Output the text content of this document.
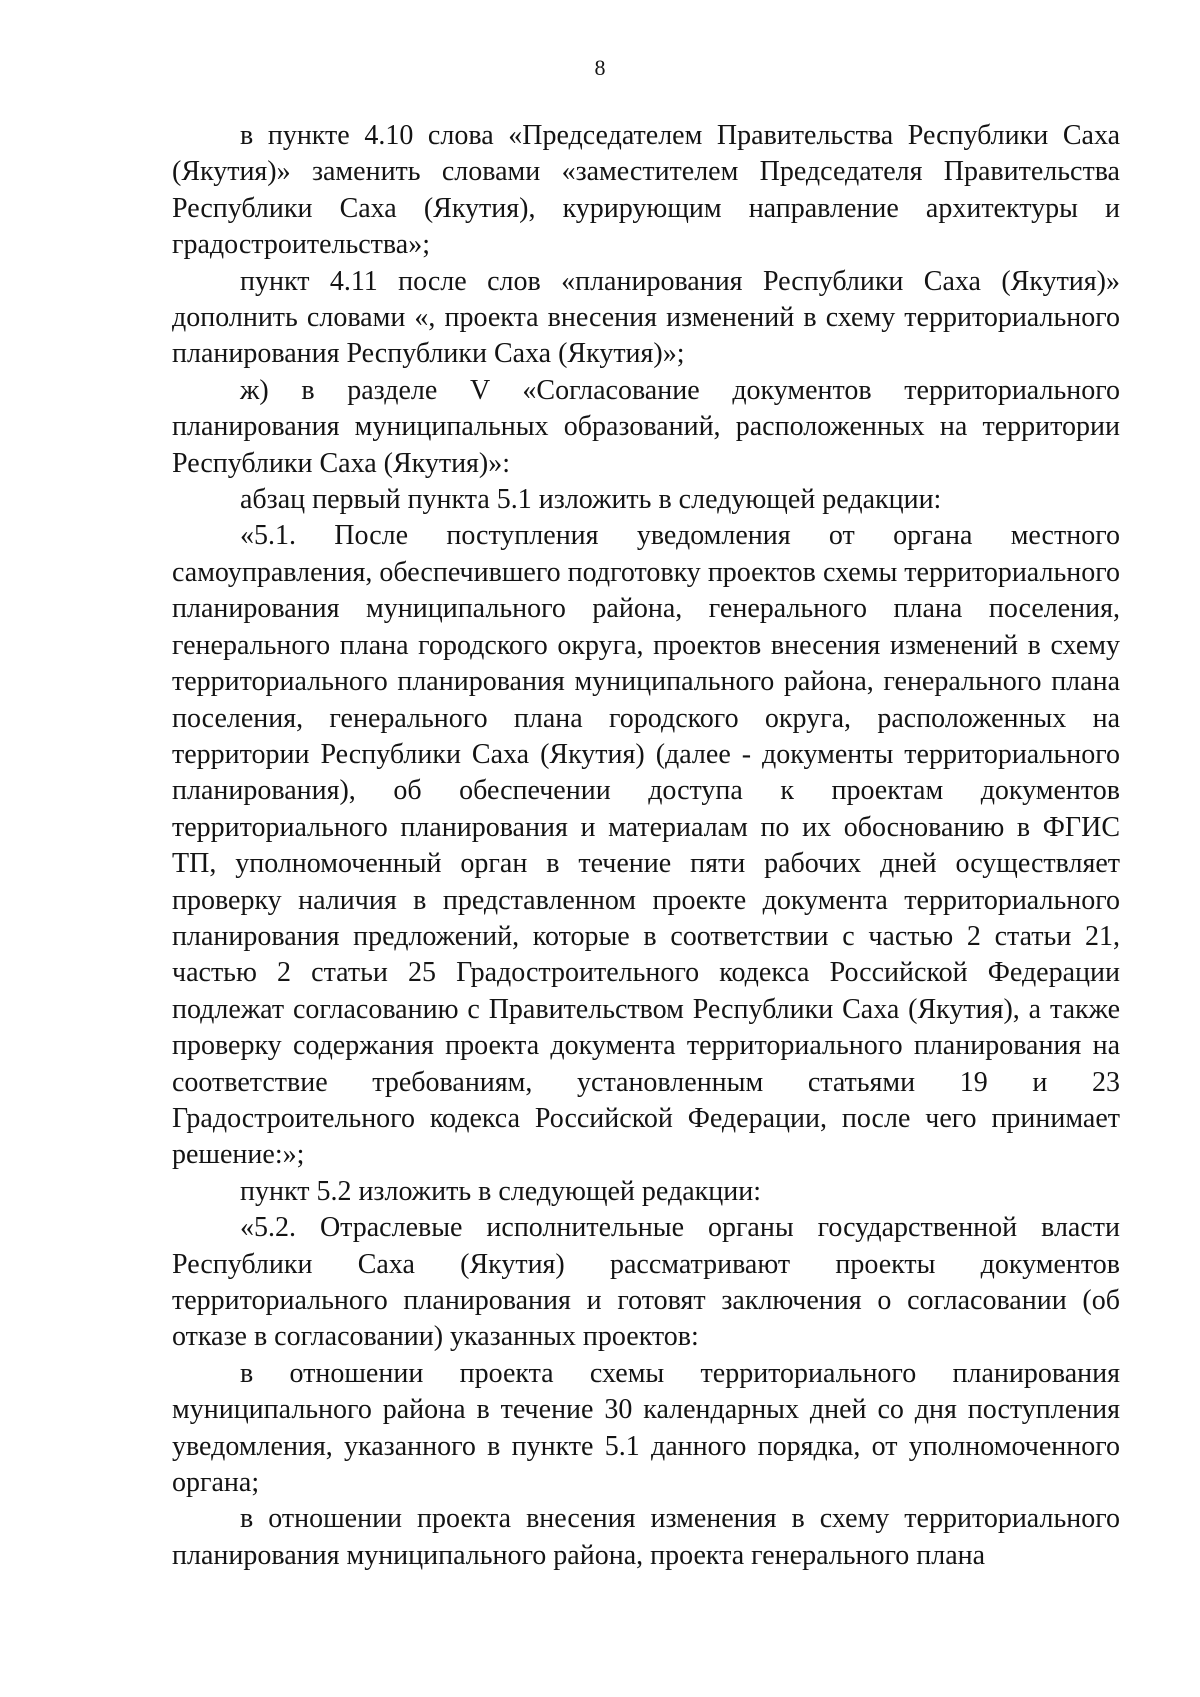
8

в пункте 4.10 слова «Председателем Правительства Республики Саха (Якутия)» заменить словами «заместителем Председателя Правительства Республики Саха (Якутия), курирующим направление архитектуры и градостроительства»;

пункт 4.11 после слов «планирования Республики Саха (Якутия)» дополнить словами «, проекта внесения изменений в схему территориального планирования Республики Саха (Якутия)»;

ж) в разделе V «Согласование документов территориального планирования муниципальных образований, расположенных на территории Республики Саха (Якутия)»:

абзац первый пункта 5.1 изложить в следующей редакции:

«5.1. После поступления уведомления от органа местного самоуправления, обеспечившего подготовку проектов схемы территориального планирования муниципального района, генерального плана поселения, генерального плана городского округа, проектов внесения изменений в схему территориального планирования муниципального района, генерального плана поселения, генерального плана городского округа, расположенных на территории Республики Саха (Якутия) (далее - документы территориального планирования), об обеспечении доступа к проектам документов территориального планирования и материалам по их обоснованию в ФГИС ТП, уполномоченный орган в течение пяти рабочих дней осуществляет проверку наличия в представленном проекте документа территориального планирования предложений, которые в соответствии с частью 2 статьи 21, частью 2 статьи 25 Градостроительного кодекса Российской Федерации подлежат согласованию с Правительством Республики Саха (Якутия), а также проверку содержания проекта документа территориального планирования на соответствие требованиям, установленным статьями 19 и 23 Градостроительного кодекса Российской Федерации, после чего принимает решение:»;

пункт 5.2 изложить в следующей редакции:

«5.2. Отраслевые исполнительные органы государственной власти Республики Саха (Якутия) рассматривают проекты документов территориального планирования и готовят заключения о согласовании (об отказе в согласовании) указанных проектов:

в отношении проекта схемы территориального планирования муниципального района в течение 30 календарных дней со дня поступления уведомления, указанного в пункте 5.1 данного порядка, от уполномоченного органа;

в отношении проекта внесения изменения в схему территориального планирования муниципального района, проекта генерального плана
